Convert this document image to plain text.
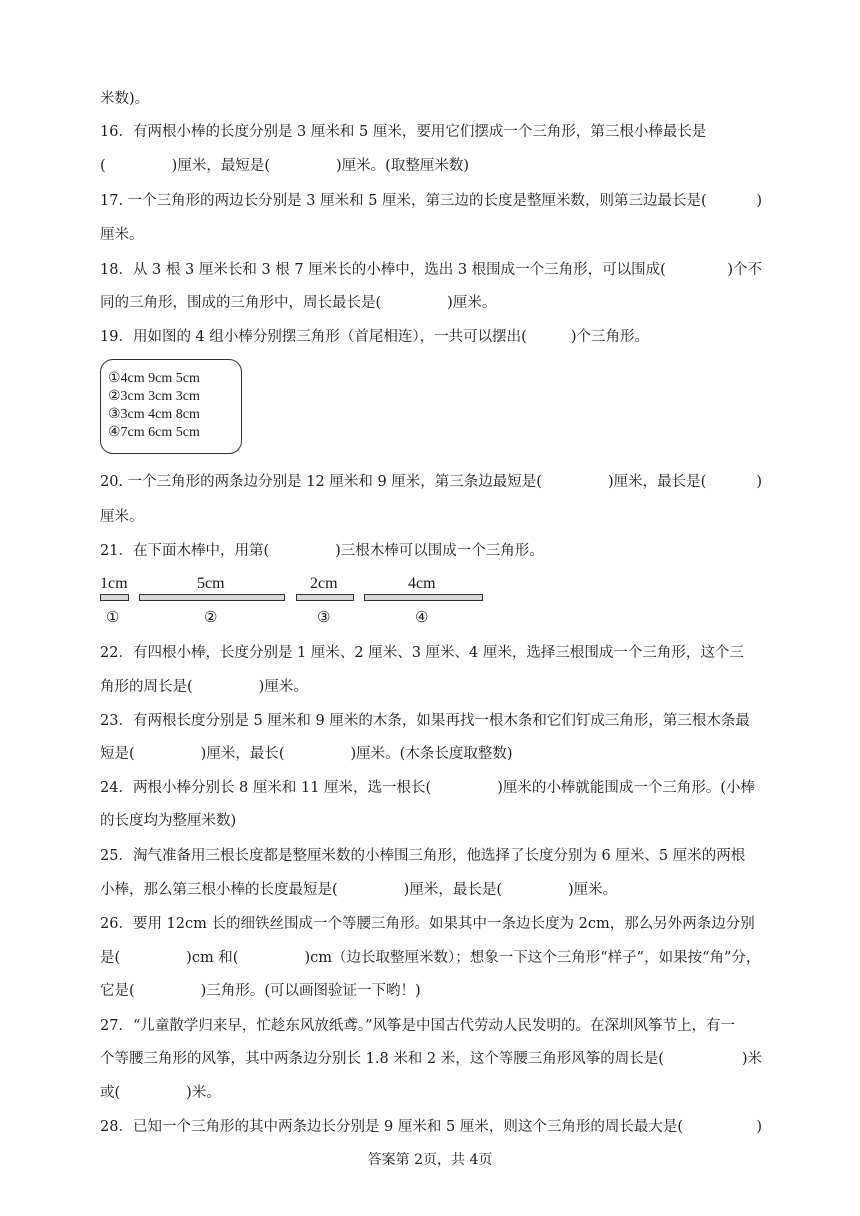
米数)。
16．有两根小棒的长度分别是 3 厘米和 5 厘米，要用它们摆成一个三角形，第三根小棒最长是
(	)厘米，最短是(	)厘米。(取整厘米数)
17. 一个三角形的两边长分别是 3 厘米和 5 厘米，第三边的长度是整厘米数，则第三边最长是(	)
厘米。
18．从 3 根 3 厘米长和 3 根 7 厘米长的小棒中，选出 3 根围成一个三角形，可以围成(	)个不
同的三角形，围成的三角形中，周长最长是(	)厘米。
19．用如图的 4 组小棒分别摆三角形（首尾相连），一共可以摆出(	)个三角形。
①4cm 9cm 5cm
②3cm 3cm 3cm
③3cm 4cm 8cm
④7cm 6cm 5cm
20. 一个三角形的两条边分别是 12 厘米和 9 厘米，第三条边最短是(	)厘米，最长是(	)
厘米。
21．在下面木棒中，用第(	)三根木棒可以围成一个三角形。
1cm	5cm	2cm	4cm
①	②	③	④
22．有四根小棒，长度分别是 1 厘米、2 厘米、3 厘米、4 厘米，选择三根围成一个三角形，这个三
角形的周长是(	)厘米。
23．有两根长度分别是 5 厘米和 9 厘米的木条，如果再找一根木条和它们钉成三角形，第三根木条最
短是(	)厘米，最长(	)厘米。(木条长度取整数)
24．两根小棒分别长 8 厘米和 11 厘米，选一根长(	)厘米的小棒就能围成一个三角形。(小棒
的长度均为整厘米数)
25．淘气准备用三根长度都是整厘米数的小棒围三角形，他选择了长度分别为 6 厘米、5 厘米的两根
小棒，那么第三根小棒的长度最短是(	)厘米，最长是(	)厘米。
26．要用 12cm 长的细铁丝围成一个等腰三角形。如果其中一条边长度为 2cm，那么另外两条边分别
是(	)cm 和(	)cm（边长取整厘米数）；想象一下这个三角形“样子”，如果按“角”分，
它是(	)三角形。(可以画图验证一下哟！)
27．“儿童散学归来早，忙趁东风放纸鸢。”风筝是中国古代劳动人民发明的。在深圳风筝节上，有一
个等腰三角形的风筝，其中两条边分别长 1.8 米和 2 米，这个等腰三角形风筝的周长是(	)米
或(	)米。
28．已知一个三角形的其中两条边长分别是 9 厘米和 5 厘米，则这个三角形的周长最大是(	)
答案第 2页，共 4页
